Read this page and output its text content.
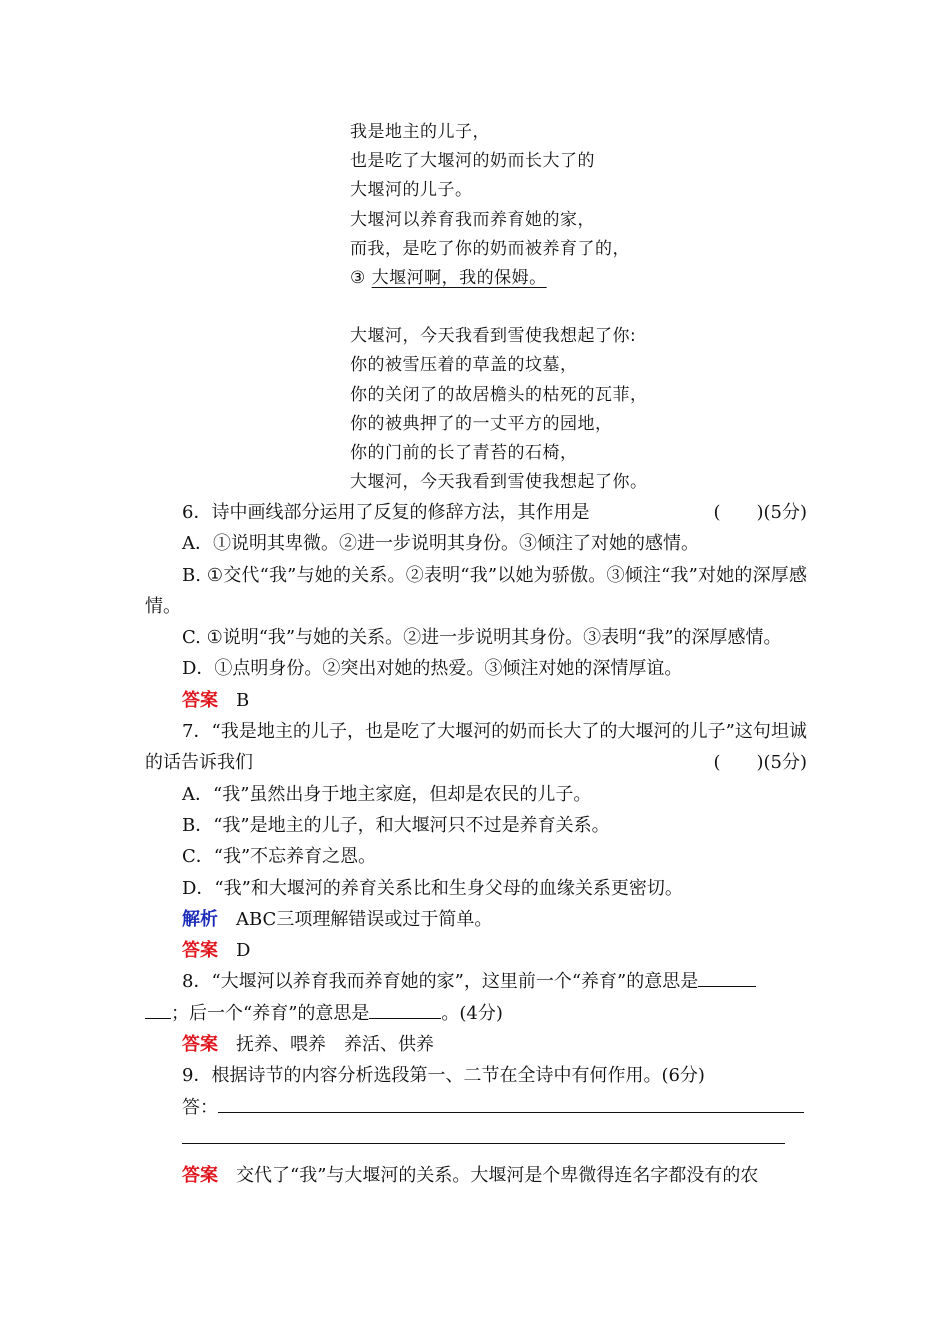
我是地主的儿子，
也是吃了大堰河的奶而长大了的
大堰河的儿子。
大堰河以养育我而养育她的家，
而我，是吃了你的奶而被养育了的，
③ 大堰河啊，我的保姆。
大堰河，今天我看到雪使我想起了你:
你的被雪压着的草盖的坟墓，
你的关闭了的故居檐头的枯死的瓦菲，
你的被典押了的一丈平方的园地，
你的门前的长了青苔的石椅，
大堰河，今天我看到雪使我想起了你。
6．诗中画线部分运用了反复的修辞方法，其作用是	(　　)(5分)

A．①说明其卑微。②进一步说明其身份。③倾注了对她的感情。

B. ①交代“我”与她的关系。②表明“我”以她为骄傲。③倾注“我”对她的深厚感情。

C. ①说明“我”与她的关系。②进一步说明其身份。③表明“我”的深厚感情。

D．①点明身份。②突出对她的热爱。③倾注对她的深情厚谊。

答案 B

7．“我是地主的儿子，也是吃了大堰河的奶而长大了的大堰河的儿子”这句坦诚的话告诉我们	(　　)(5分)

A．“我”虽然出身于地主家庭，但却是农民的儿子。

B．“我”是地主的儿子，和大堰河只不过是养育关系。

C．“我”不忘养育之恩。

D．“我”和大堰河的养育关系比和生身父母的血缘关系更密切。

解析 ABC三项理解错误或过于简单。

答案 D

8．“大堰河以养育我而养育她的家”，这里前一个“养育”的意思是

；后一个“养育”的意思是	。(4分)

答案 抚养、喂养　养活、供养

9．根据诗节的内容分析选段第一、二节在全诗中有何作用。(6分)

答：

答案 交代了“我”与大堰河的关系。大堰河是个卑微得连名字都没有的农
